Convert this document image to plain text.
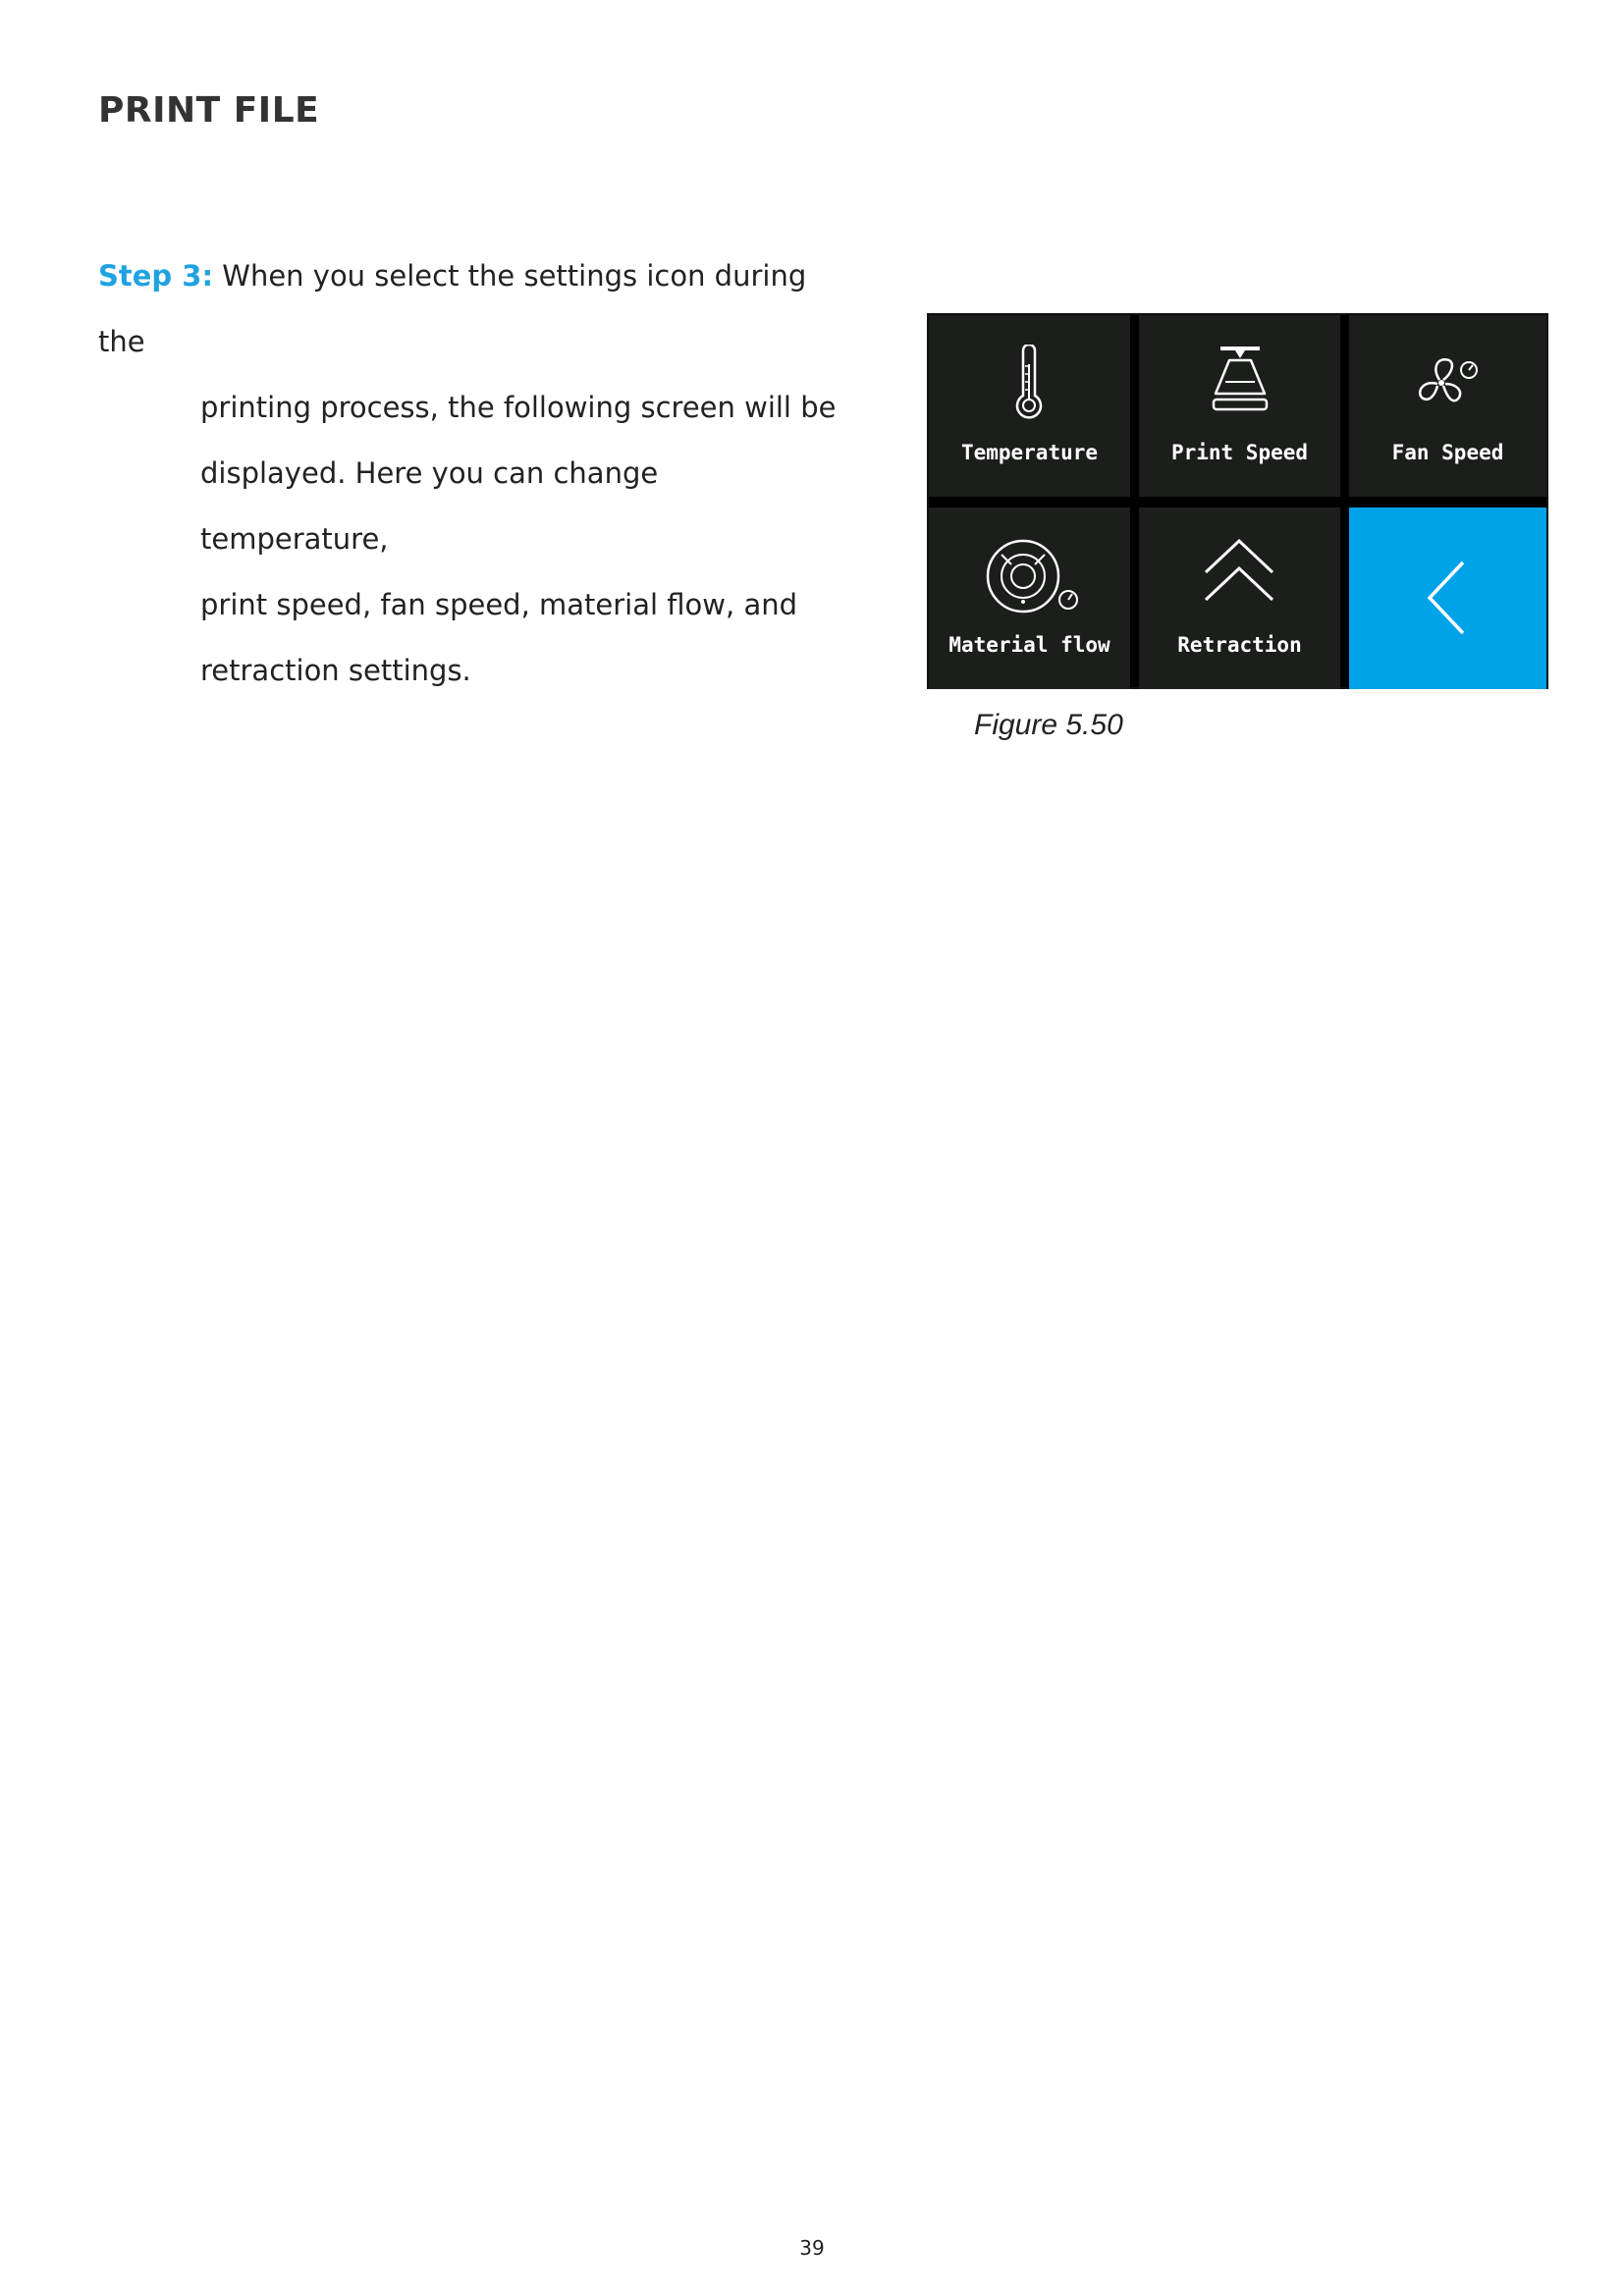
PRINT FILE
Step 3: When you select the settings icon during the
printing process, the following screen will be
displayed. Here you can change temperature,
print speed, fan speed, material flow, and
retraction settings.
Temperature	Print Speed	Fan Speed
Material flow	Retraction
Figure 5.50
39
